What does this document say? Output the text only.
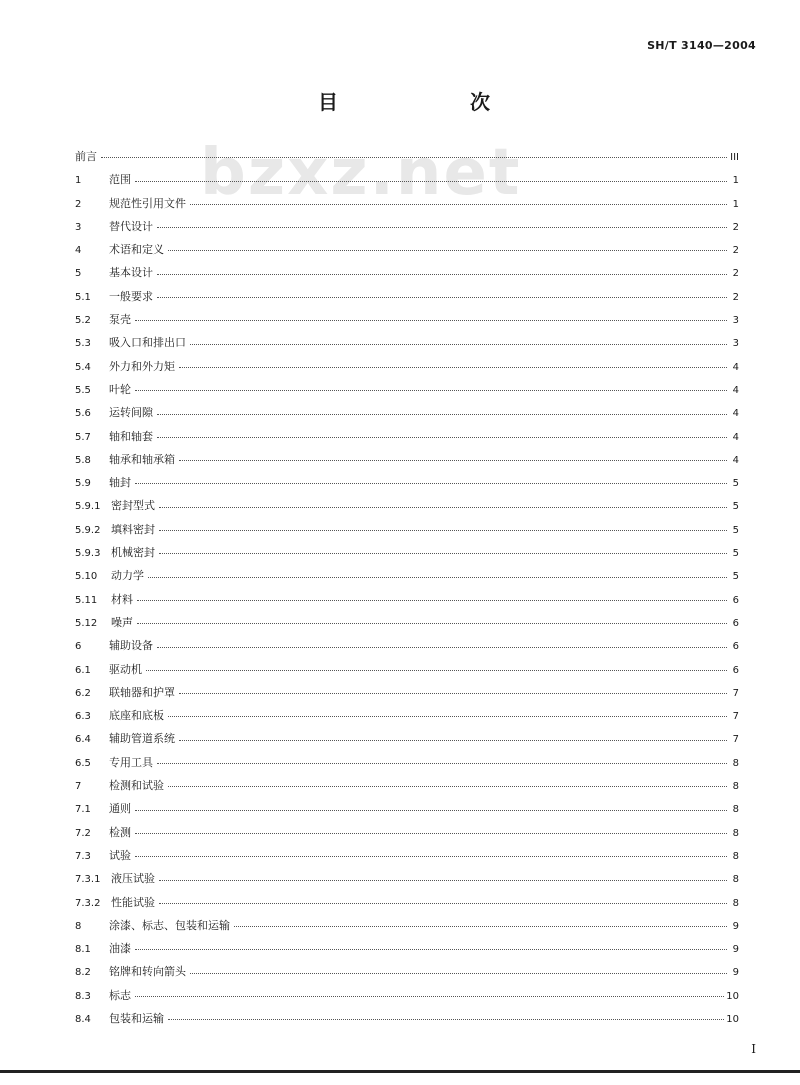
SH/T 3140—2004
目	次
bzxz.net
前言	III
1	范围	1
2	规范性引用文件	1
3	替代设计	2
4	术语和定义	2
5	基本设计	2
5.1	一般要求	2
5.2	泵壳	3
5.3	吸入口和排出口	3
5.4	外力和外力矩	4
5.5	叶轮	4
5.6	运转间隙	4
5.7	轴和轴套	4
5.8	轴承和轴承箱	4
5.9	轴封	5
5.9.1 密封型式	5
5.9.2 填料密封	5
5.9.3 机械密封	5
5.10	动力学	5
5.11	材料	6
5.12	噪声	6
6	辅助设备	6
6.1	驱动机	6
6.2	联轴器和护罩	7
6.3	底座和底板	7
6.4	辅助管道系统	7
6.5	专用工具	8
7	检测和试验	8
7.1	通则	8
7.2	检测	8
7.3	试验	8
7.3.1 液压试验	8
7.3.2 性能试验	8
8	涂漆、标志、包装和运输	9
8.1	油漆	9
8.2	铭牌和转向箭头	9
8.3	标志	10
8.4	包装和运输	10
I
